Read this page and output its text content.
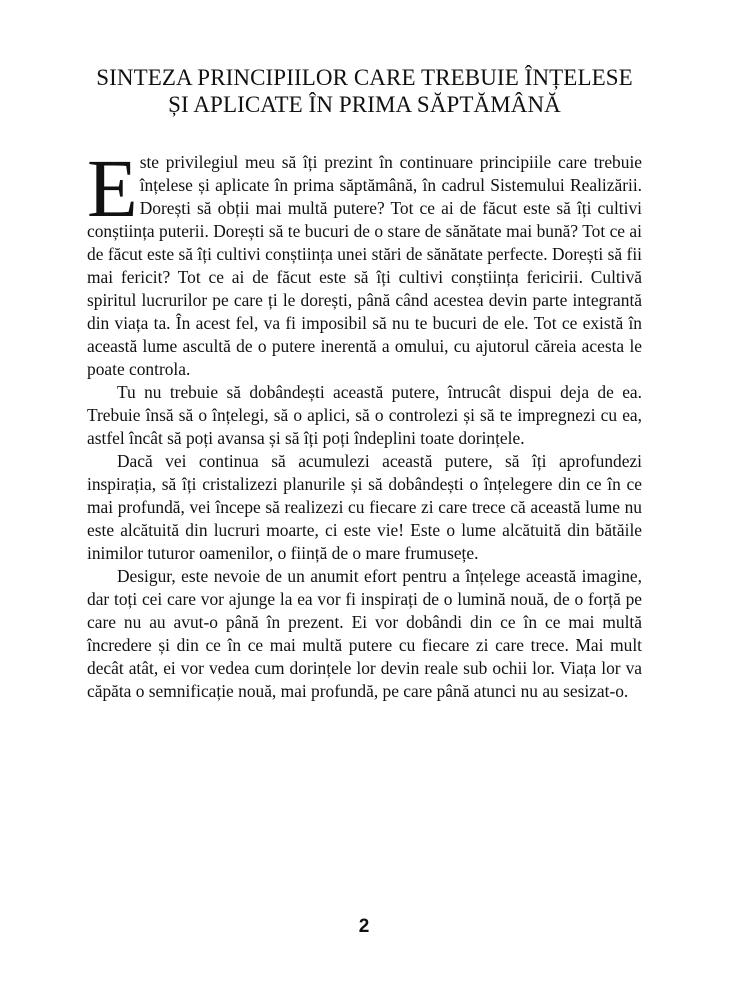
SINTEZA PRINCIPIILOR CARE TREBUIE ÎNȚELESE
ȘI APLICATE ÎN PRIMA SĂPTĂMÂNĂ

Este privilegiul meu să îți prezint în continuare principiile care trebuie înțelese și aplicate în prima săptămână, în cadrul Sistemului Realizării. Dorești să obții mai multă putere? Tot ce ai de făcut este să îți cultivi conștiința puterii. Dorești să te bucuri de o stare de sănătate mai bună? Tot ce ai de făcut este să îți cultivi conștiința unei stări de sănătate perfecte. Dorești să fii mai fericit? Tot ce ai de făcut este să îți cultivi conștiința fericirii. Cultivă spiritul lucrurilor pe care ți le dorești, până când acestea devin parte integrantă din viața ta. În acest fel, va fi imposibil să nu te bucuri de ele. Tot ce există în această lume ascultă de o putere inerentă a omului, cu ajutorul căreia acesta le poate controla.

Tu nu trebuie să dobândești această putere, întrucât dispui deja de ea. Trebuie însă să o înțelegi, să o aplici, să o controlezi și să te impregnezi cu ea, astfel încât să poți avansa și să îți poți îndeplini toate dorințele.

Dacă vei continua să acumulezi această putere, să îți aprofundezi inspirația, să îți cristalizezi planurile și să dobândești o înțelegere din ce în ce mai profundă, vei începe să realizezi cu fiecare zi care trece că această lume nu este alcătuită din lucruri moarte, ci este vie! Este o lume alcătuită din bătăile inimilor tuturor oamenilor, o ființă de o mare frumusețe.

Desigur, este nevoie de un anumit efort pentru a înțelege această imagine, dar toți cei care vor ajunge la ea vor fi inspirați de o lumină nouă, de o forță pe care nu au avut-o până în prezent. Ei vor dobândi din ce în ce mai multă încredere și din ce în ce mai multă putere cu fiecare zi care trece. Mai mult decât atât, ei vor vedea cum dorințele lor devin reale sub ochii lor. Viața lor va căpăta o semnificație nouă, mai profundă, pe care până atunci nu au sesizat-o.

2
